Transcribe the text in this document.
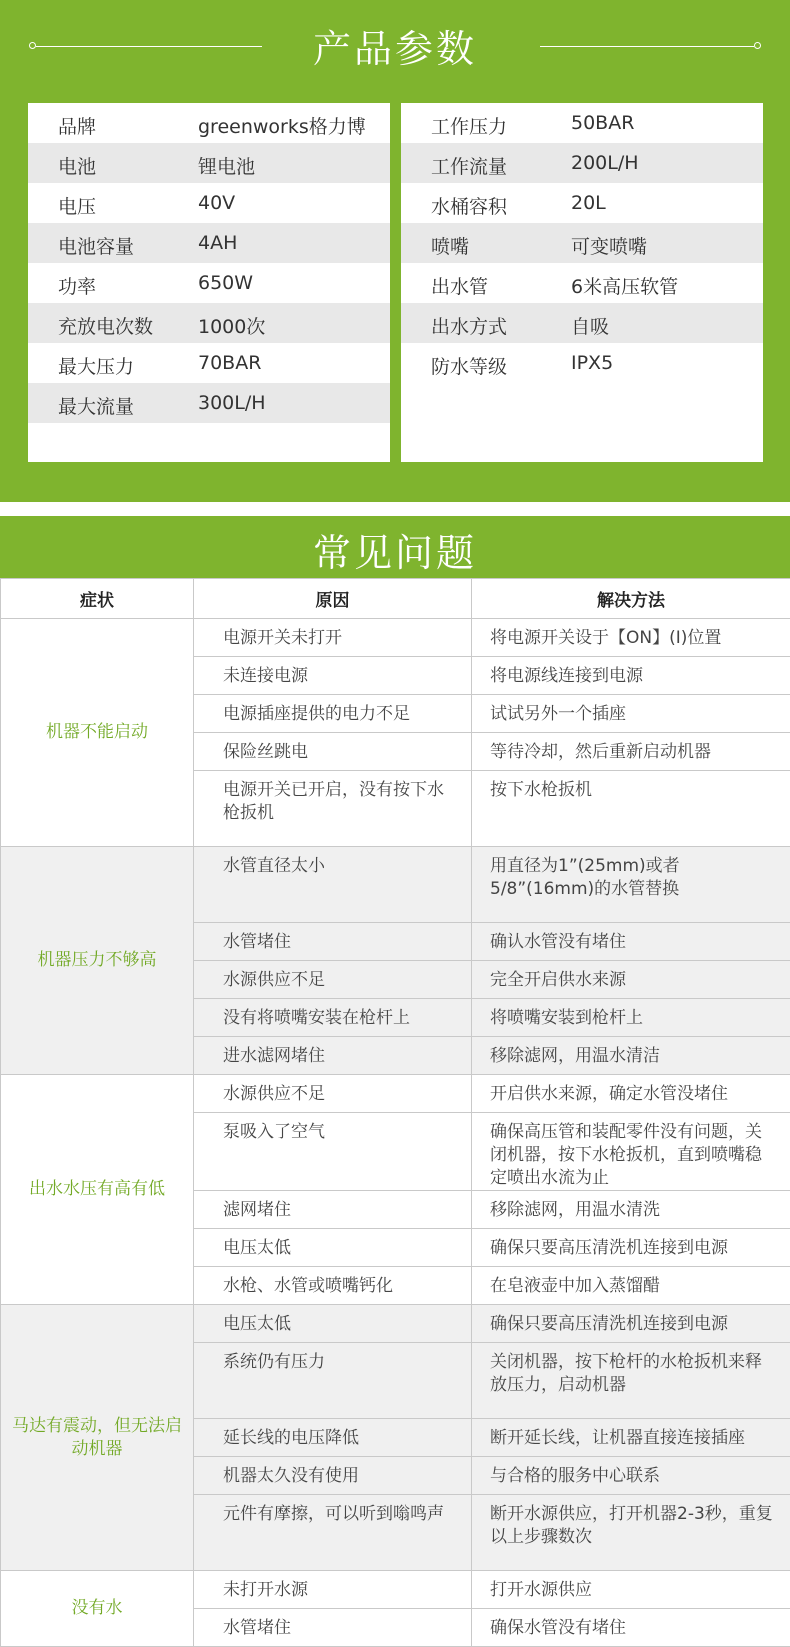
产品参数
品牌	greenworks格力博
电池	锂电池
电压	40V
电池容量	4AH
功率	650W
充放电次数 1000次
最大压力	70BAR
最大流量	300L/H
工作压力	50BAR
工作流量	200L/H
水桶容积	20L
喷嘴	可变喷嘴
出水管	6米高压软管
出水方式	自吸
防水等级	IPX5
常见问题
症状	原因	解决方法
机器不能启动	电源开关未打开	将电源开关设于【ON】(I)位置
	未连接电源	将电源线连接到电源
	电源插座提供的电力不足	试试另外一个插座
	保险丝跳电	等待冷却，然后重新启动机器
	电源开关已开启，没有按下水枪扳机	按下水枪扳机
机器压力不够高	水管直径太小	用直径为1”(25mm)或者5/8”(16mm)的水管替换
	水管堵住	确认水管没有堵住
	水源供应不足	完全开启供水来源
	没有将喷嘴安装在枪杆上	将喷嘴安装到枪杆上
	进水滤网堵住	移除滤网，用温水清洁
出水水压有高有低	水源供应不足	开启供水来源，确定水管没堵住
	泵吸入了空气	确保高压管和装配零件没有问题，关闭机器，按下水枪扳机，直到喷嘴稳定喷出水流为止
	滤网堵住	移除滤网，用温水清洗
	电压太低	确保只要高压清洗机连接到电源
	水枪、水管或喷嘴钙化	在皂液壶中加入蒸馏醋
马达有震动，但无法启动机器	电压太低	确保只要高压清洗机连接到电源
	系统仍有压力	关闭机器，按下枪杆的水枪扳机来释放压力，启动机器
	延长线的电压降低	断开延长线，让机器直接连接插座
	机器太久没有使用	与合格的服务中心联系
	元件有摩擦，可以听到嗡鸣声	断开水源供应，打开机器2-3秒，重复以上步骤数次
没有水	未打开水源	打开水源供应
	水管堵住	确保水管没有堵住
